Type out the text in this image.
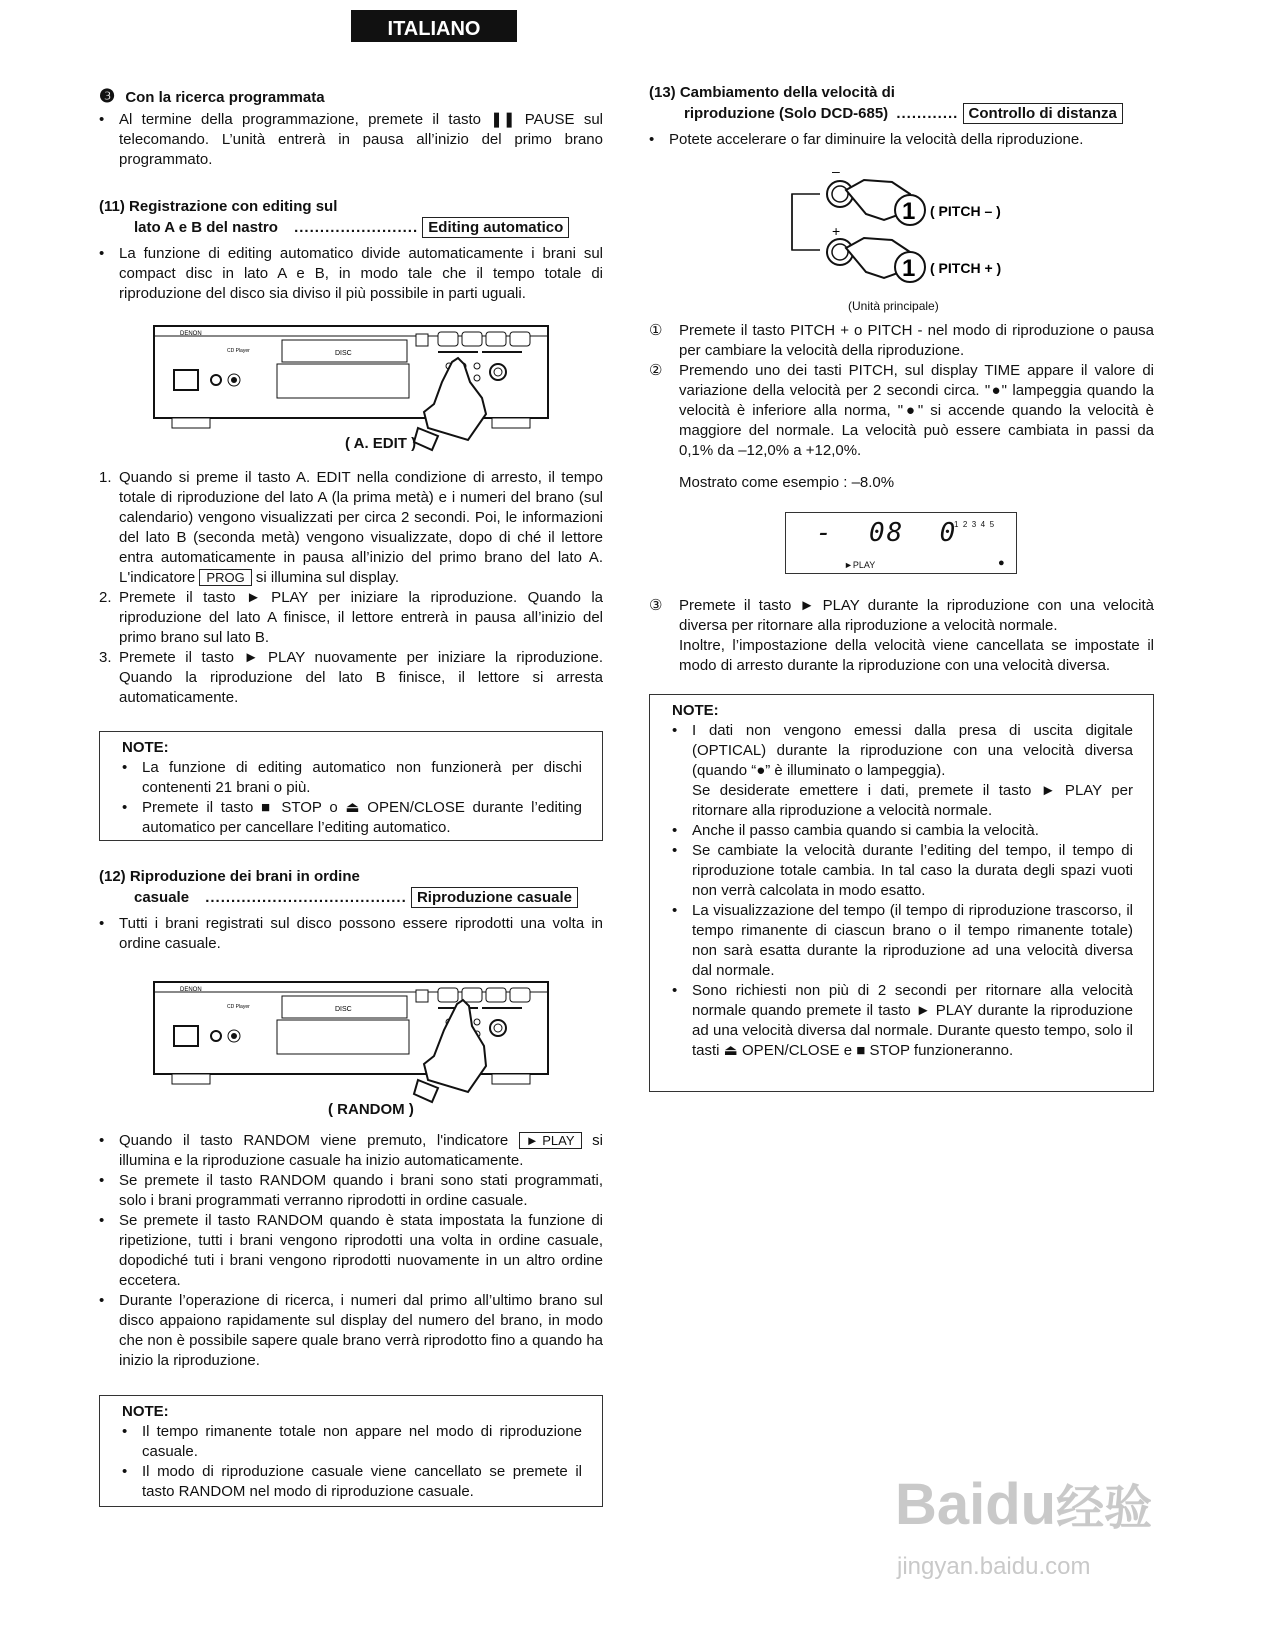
ITALIANO
❸ Con la ricerca programmata
• Al termine della programmazione, premete il tasto ❚❚ PAUSE sul telecomando. L’unità entrerà in pausa all’inizio del primo brano programmato.
(11) Registrazione con editing sul
lato A e B del nastro ........................ Editing automatico
• La funzione di editing automatico divide automaticamente i brani sul compact disc in lato A e B, in modo tale che il tempo totale di riproduzione del disco sia diviso il più possibile in parti uguali.
DENON
CD Player	DISC
( A. EDIT )
1. Quando si preme il tasto A. EDIT nella condizione di arresto, il tempo totale di riproduzione del lato A (la prima metà) e i numeri del brano (sul calendario) vengono visualizzati per circa 2 secondi. Poi, le informazioni del lato B (seconda metà) vengono visualizzate, dopo di ché il lettore entra automaticamente in pausa all’inizio del primo brano del lato A. L'indicatore PROG si illumina sul display.
2. Premete il tasto ► PLAY per iniziare la riproduzione. Quando la riproduzione del lato A finisce, il lettore entrerà in pausa all’inizio del primo brano sul lato B.
3. Premete il tasto ► PLAY nuovamente per iniziare la riproduzione. Quando la riproduzione del lato B finisce, il lettore si arresta automaticamente.
NOTE:
• La funzione di editing automatico non funzionerà per dischi contenenti 21 brani o più.
• Premete il tasto ■ STOP o ⏏ OPEN/CLOSE durante l’editing automatico per cancellare l’editing automatico.
(12) Riproduzione dei brani in ordine
casuale ....................................... Riproduzione casuale
• Tutti i brani registrati sul disco possono essere riprodotti una volta in ordine casuale.
DENON
CD Player	DISC
( RANDOM )
• Quando il tasto RANDOM viene premuto, l'indicatore ► PLAY si illumina e la riproduzione casuale ha inizio automaticamente.
• Se premete il tasto RANDOM quando i brani sono stati programmati, solo i brani programmati verranno riprodotti in ordine casuale.
• Se premete il tasto RANDOM quando è stata impostata la funzione di ripetizione, tutti i brani vengono riprodotti una volta in ordine casuale, dopodiché tuti i brani vengono riprodotti nuovamente in un altro ordine eccetera.
• Durante l’operazione di ricerca, i numeri dal primo all’ultimo brano sul disco appaiono rapidamente sul display del numero del brano, in modo che non è possibile sapere quale brano verrà riprodotto fino a quando ha inizio la riproduzione.
NOTE:
• Il tempo rimanente totale non appare nel modo di riproduzione casuale.
• Il modo di riproduzione casuale viene cancellato se premete il tasto RANDOM nel modo di riproduzione casuale.
(13) Cambiamento della velocità di
riproduzione (Solo DCD-685) ............ Controllo di distanza
• Potete accelerare o far diminuire la velocità della riproduzione.
–
+
1
1
( PITCH – )
( PITCH + )
(Unità principale)
① Premete il tasto PITCH + o PITCH - nel modo di riproduzione o pausa per cambiare la velocità della riproduzione.
② Premendo uno dei tasti PITCH, sul display TIME appare il valore di variazione della velocità per 2 secondi circa. "●" lampeggia quando la velocità è inferiore alla norma, "●" si accende quando la velocità è maggiore del normale. La velocità può essere cambiata in passi da 0,1% da –12,0% a +12,0%.

Mostrato come esempio : –8.0%

-  08  0
1  2  3  4  5
►PLAY	●
③ Premete il tasto ► PLAY durante la riproduzione con una velocità diversa per ritornare alla riproduzione a velocità normale.
Inoltre, l’impostazione della velocità viene cancellata se impostate il modo di arresto durante la riproduzione con una velocità diversa.
NOTE:
• I dati non vengono emessi dalla presa di uscita digitale (OPTICAL) durante la riproduzione con una velocità diversa (quando “●” è illuminato o lampeggia).
Se desiderate emettere i dati, premete il tasto ► PLAY per ritornare alla riproduzione a velocità normale.
• Anche il passo cambia quando si cambia la velocità.
• Se cambiate la velocità durante l’editing del tempo, il tempo di riproduzione totale cambia. In tal caso la durata degli spazi vuoti non verrà calcolata in modo esatto.
• La visualizzazione del tempo (il tempo di riproduzione trascorso, il tempo rimanente di ciascun brano o il tempo rimanente totale) non sarà esatta durante la riproduzione ad una velocità diversa dal normale.
• Sono richiesti non più di 2 secondi per ritornare alla velocità normale quando premete il tasto ► PLAY durante la riproduzione ad una velocità diversa dal normale. Durante questo tempo, solo il tasti ⏏ OPEN/CLOSE e ■ STOP funzioneranno.
Baidu经验
jingyan.baidu.com
